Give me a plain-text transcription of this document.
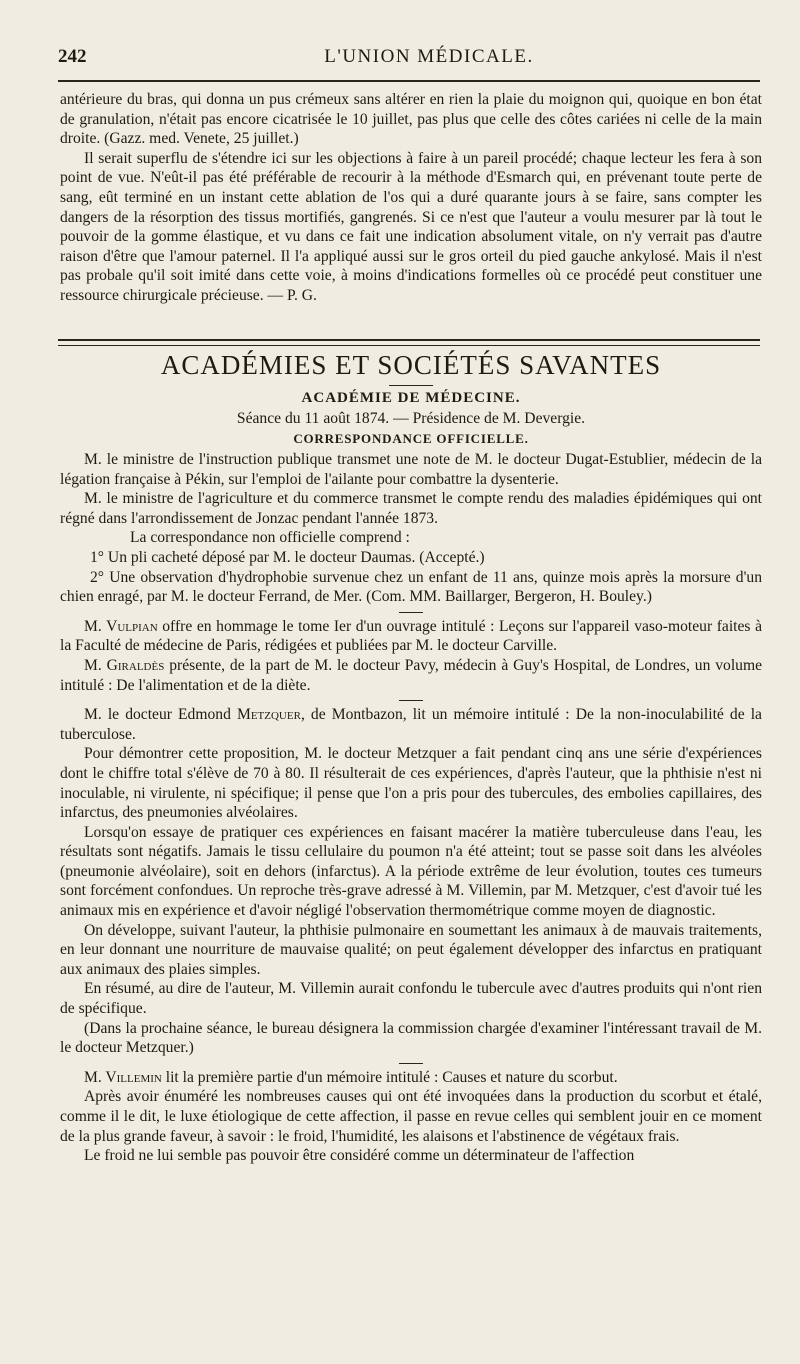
242	L'UNION MÉDICALE.

antérieure du bras, qui donna un pus crémeux sans altérer en rien la plaie du moignon qui, quoique en bon état de granulation, n'était pas encore cicatrisée le 10 juillet, pas plus que celle des côtes cariées ni celle de la main droite. (Gazz. med. Venete, 25 juillet.)

Il serait superflu de s'étendre ici sur les objections à faire à un pareil procédé; chaque lecteur les fera à son point de vue. N'eût-il pas été préférable de recourir à la méthode d'Esmarch qui, en prévenant toute perte de sang, eût terminé en un instant cette ablation de l'os qui a duré quarante jours à se faire, sans compter les dangers de la résorption des tissus mortifiés, gangrenés. Si ce n'est que l'auteur a voulu mesurer par là tout le pouvoir de la gomme élastique, et vu dans ce fait une indication absolument vitale, on n'y verrait pas d'autre raison d'être que l'amour paternel. Il l'a appliqué aussi sur le gros orteil du pied gauche ankylosé. Mais il n'est pas probale qu'il soit imité dans cette voie, à moins d'indications formelles où ce procédé peut constituer une ressource chirurgicale précieuse. — P. G.

ACADÉMIES ET SOCIÉTÉS SAVANTES
ACADÉMIE DE MÉDECINE.
Séance du 11 août 1874. — Présidence de M. Devergie.
CORRESPONDANCE OFFICIELLE.

M. le ministre de l'instruction publique transmet une note de M. le docteur Dugat-Estublier, médecin de la légation française à Pékin, sur l'emploi de l'ailante pour combattre la dysenterie.

M. le ministre de l'agriculture et du commerce transmet le compte rendu des maladies épidémiques qui ont régné dans l'arrondissement de Jonzac pendant l'année 1873.

La correspondance non officielle comprend :

1° Un pli cacheté déposé par M. le docteur Daumas. (Accepté.)

2° Une observation d'hydrophobie survenue chez un enfant de 11 ans, quinze mois après la morsure d'un chien enragé, par M. le docteur Ferrand, de Mer. (Com. MM. Baillarger, Bergeron, H. Bouley.)

M. Vulpian offre en hommage le tome Ier d'un ouvrage intitulé : Leçons sur l'appareil vaso-moteur faites à la Faculté de médecine de Paris, rédigées et publiées par M. le docteur Carville.

M. Giraldès présente, de la part de M. le docteur Pavy, médecin à Guy's Hospital, de Londres, un volume intitulé : De l'alimentation et de la diète.

M. le docteur Edmond Metzquer, de Montbazon, lit un mémoire intitulé : De la non-inoculabilité de la tuberculose.

Pour démontrer cette proposition, M. le docteur Metzquer a fait pendant cinq ans une série d'expériences dont le chiffre total s'élève de 70 à 80. Il résulterait de ces expériences, d'après l'auteur, que la phthisie n'est ni inoculable, ni virulente, ni spécifique; il pense que l'on a pris pour des tubercules, des embolies capillaires, des infarctus, des pneumonies alvéolaires.

Lorsqu'on essaye de pratiquer ces expériences en faisant macérer la matière tuberculeuse dans l'eau, les résultats sont négatifs. Jamais le tissu cellulaire du poumon n'a été atteint; tout se passe soit dans les alvéoles (pneumonie alvéolaire), soit en dehors (infarctus). A la période extrême de leur évolution, toutes ces tumeurs sont forcément confondues. Un reproche très-grave adressé à M. Villemin, par M. Metzquer, c'est d'avoir tué les animaux mis en expérience et d'avoir négligé l'observation thermométrique comme moyen de diagnostic.

On développe, suivant l'auteur, la phthisie pulmonaire en soumettant les animaux à de mauvais traitements, en leur donnant une nourriture de mauvaise qualité; on peut également développer des infarctus en pratiquant aux animaux des plaies simples.

En résumé, au dire de l'auteur, M. Villemin aurait confondu le tubercule avec d'autres produits qui n'ont rien de spécifique.

(Dans la prochaine séance, le bureau désignera la commission chargée d'examiner l'intéressant travail de M. le docteur Metzquer.)

M. Villemin lit la première partie d'un mémoire intitulé : Causes et nature du scorbut.

Après avoir énuméré les nombreuses causes qui ont été invoquées dans la production du scorbut et étalé, comme il le dit, le luxe étiologique de cette affection, il passe en revue celles qui semblent jouir en ce moment de la plus grande faveur, à savoir : le froid, l'humidité, les alaisons et l'abstinence de végétaux frais.

Le froid ne lui semble pas pouvoir être considéré comme un déterminateur de l'affection
